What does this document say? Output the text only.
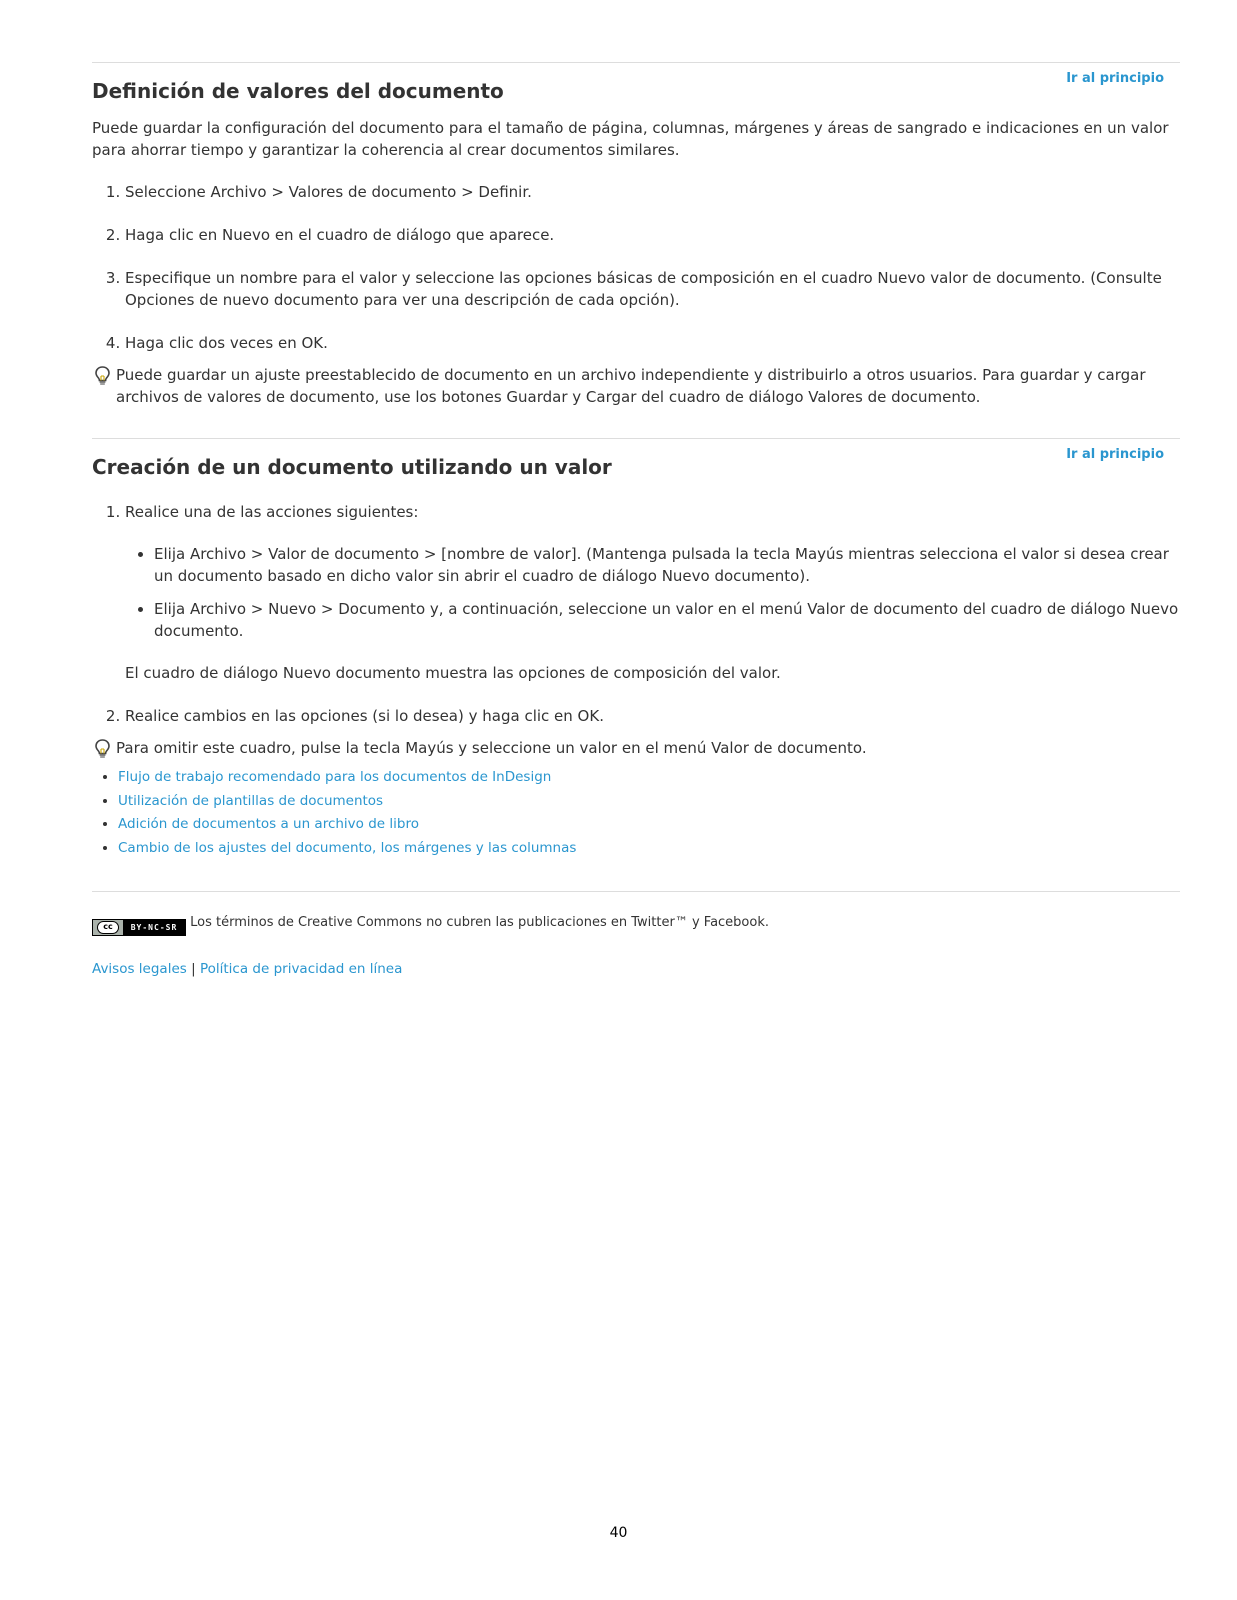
Ir al principio
Definición de valores del documento

Puede guardar la configuración del documento para el tamaño de página, columnas, márgenes y áreas de sangrado e indicaciones en un valor para ahorrar tiempo y garantizar la coherencia al crear documentos similares.

1. Seleccione Archivo > Valores de documento > Definir.
2. Haga clic en Nuevo en el cuadro de diálogo que aparece.
3. Especifique un nombre para el valor y seleccione las opciones básicas de composición en el cuadro Nuevo valor de documento. (Consulte Opciones de nuevo documento para ver una descripción de cada opción).
4. Haga clic dos veces en OK.
Puede guardar un ajuste preestablecido de documento en un archivo independiente y distribuirlo a otros usuarios. Para guardar y cargar archivos de valores de documento, use los botones Guardar y Cargar del cuadro de diálogo Valores de documento.
Ir al principio
Creación de un documento utilizando un valor
1. Realice una de las acciones siguientes:
• Elija Archivo > Valor de documento > [nombre de valor]. (Mantenga pulsada la tecla Mayús mientras selecciona el valor si desea crear un documento basado en dicho valor sin abrir el cuadro de diálogo Nuevo documento).
• Elija Archivo > Nuevo > Documento y, a continuación, seleccione un valor en el menú Valor de documento del cuadro de diálogo Nuevo documento.

El cuadro de diálogo Nuevo documento muestra las opciones de composición del valor.

2. Realice cambios en las opciones (si lo desea) y haga clic en OK.
Para omitir este cuadro, pulse la tecla Mayús y seleccione un valor en el menú Valor de documento.
• Flujo de trabajo recomendado para los documentos de InDesign
• Utilización de plantillas de documentos
• Adición de documentos a un archivo de libro
• Cambio de los ajustes del documento, los márgenes y las columnas
cc	BY-NC-SR Los términos de Creative Commons no cubren las publicaciones en Twitter™ y Facebook.
Avisos legales | Política de privacidad en línea
40
